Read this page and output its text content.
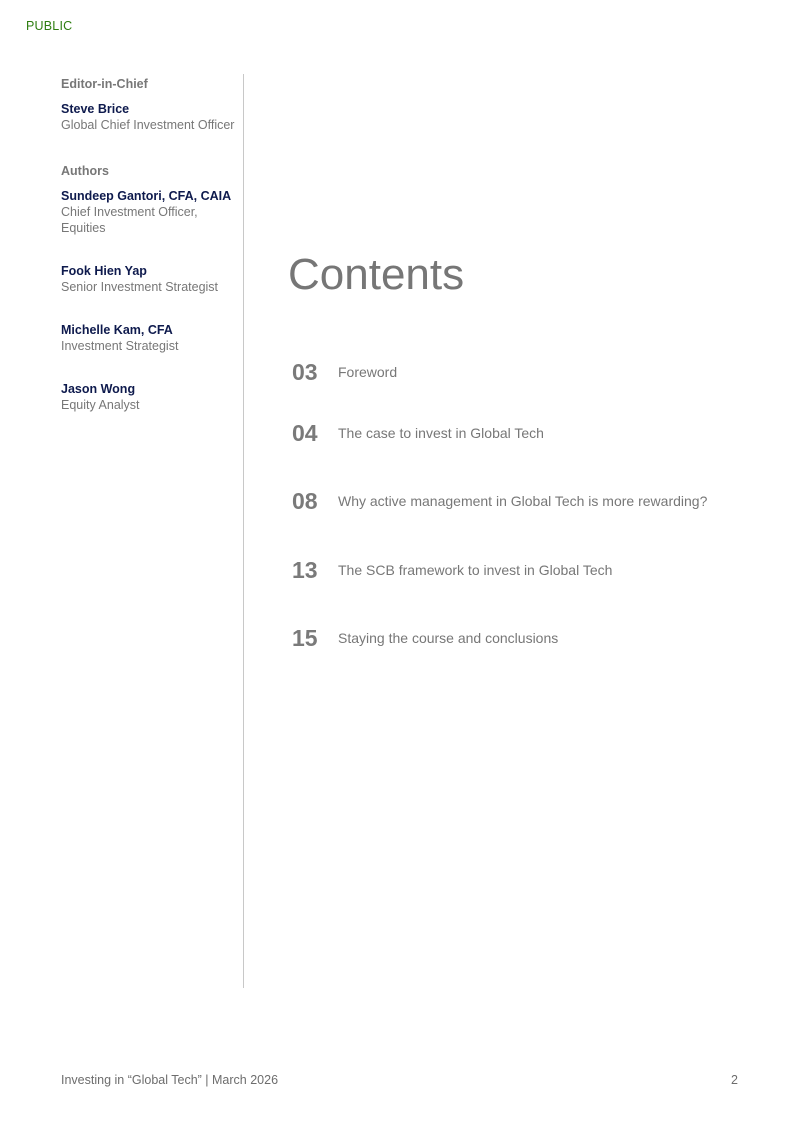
PUBLIC
Editor-in-Chief
Steve Brice
Global Chief Investment Officer
Authors
Sundeep Gantori, CFA, CAIA
Chief Investment Officer, Equities
Fook Hien Yap
Senior Investment Strategist
Michelle Kam, CFA
Investment Strategist
Jason Wong
Equity Analyst
Contents
03	Foreword
04	The case to invest in Global Tech
08	Why active management in Global Tech is more rewarding?
13	The SCB framework to invest in Global Tech
15	Staying the course and conclusions
Investing in “Global Tech” | March 2026	2
